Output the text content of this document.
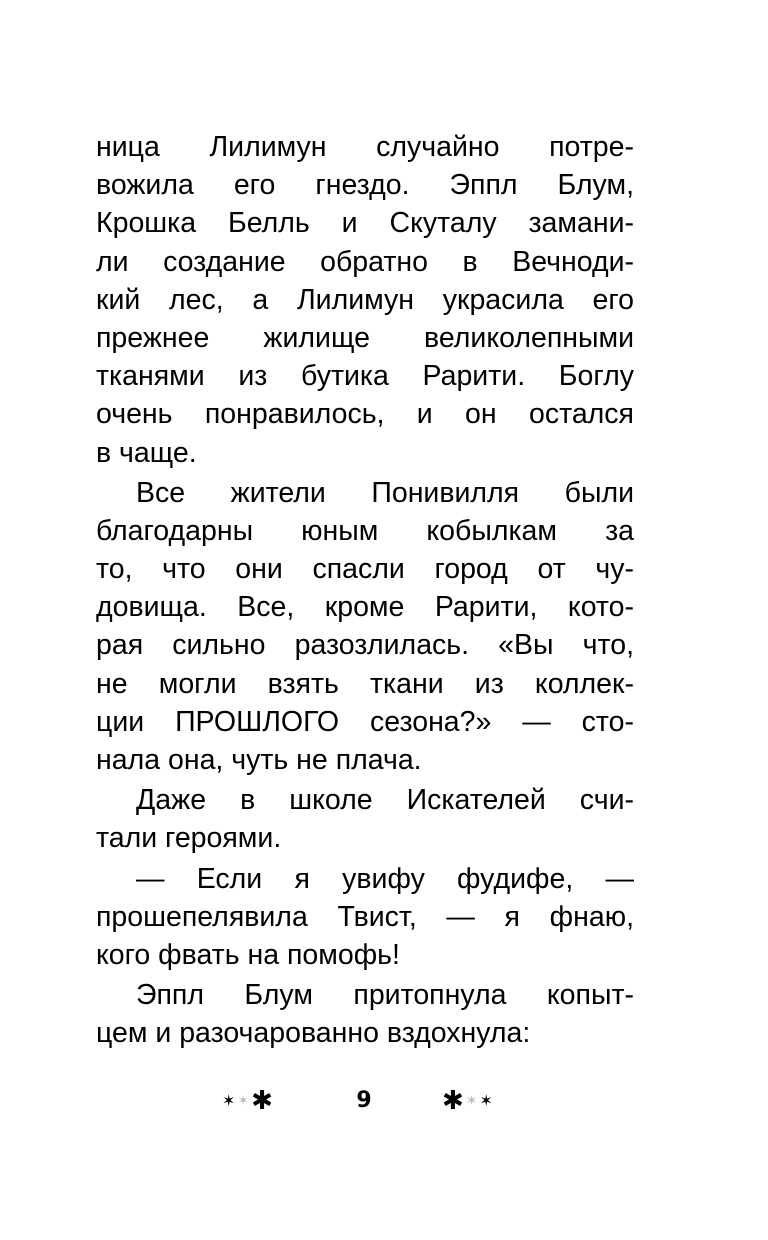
ница Лилимун случайно потре-
вожила его гнездо. Эппл Блум,
Крошка Белль и Скуталу замани-
ли создание обратно в Вечноди-
кий лес, а Лилимун украсила его
прежнее жилище великолепными
тканями из бутика Рарити. Боглу
очень понравилось, и он остался
в чаще.
Все жители Понивилля были
благодарны юным кобылкам за
то, что они спасли город от чу-
довища. Все, кроме Рарити, кото-
рая сильно разозлилась. «Вы что,
не могли взять ткани из коллек-
ции ПРОШЛОГО сезона?» — сто-
нала она, чуть не плача.
Даже в школе Искателей счи-
тали героями.
— Если я увифу фудифе, —
прошепелявила Твист, — я фнаю,
кого фвать на помофь!
Эппл Блум притопнула копыт-
цем и разочарованно вздохнула:
✶ ✶ ✱	9	✱ ✶ ✶
